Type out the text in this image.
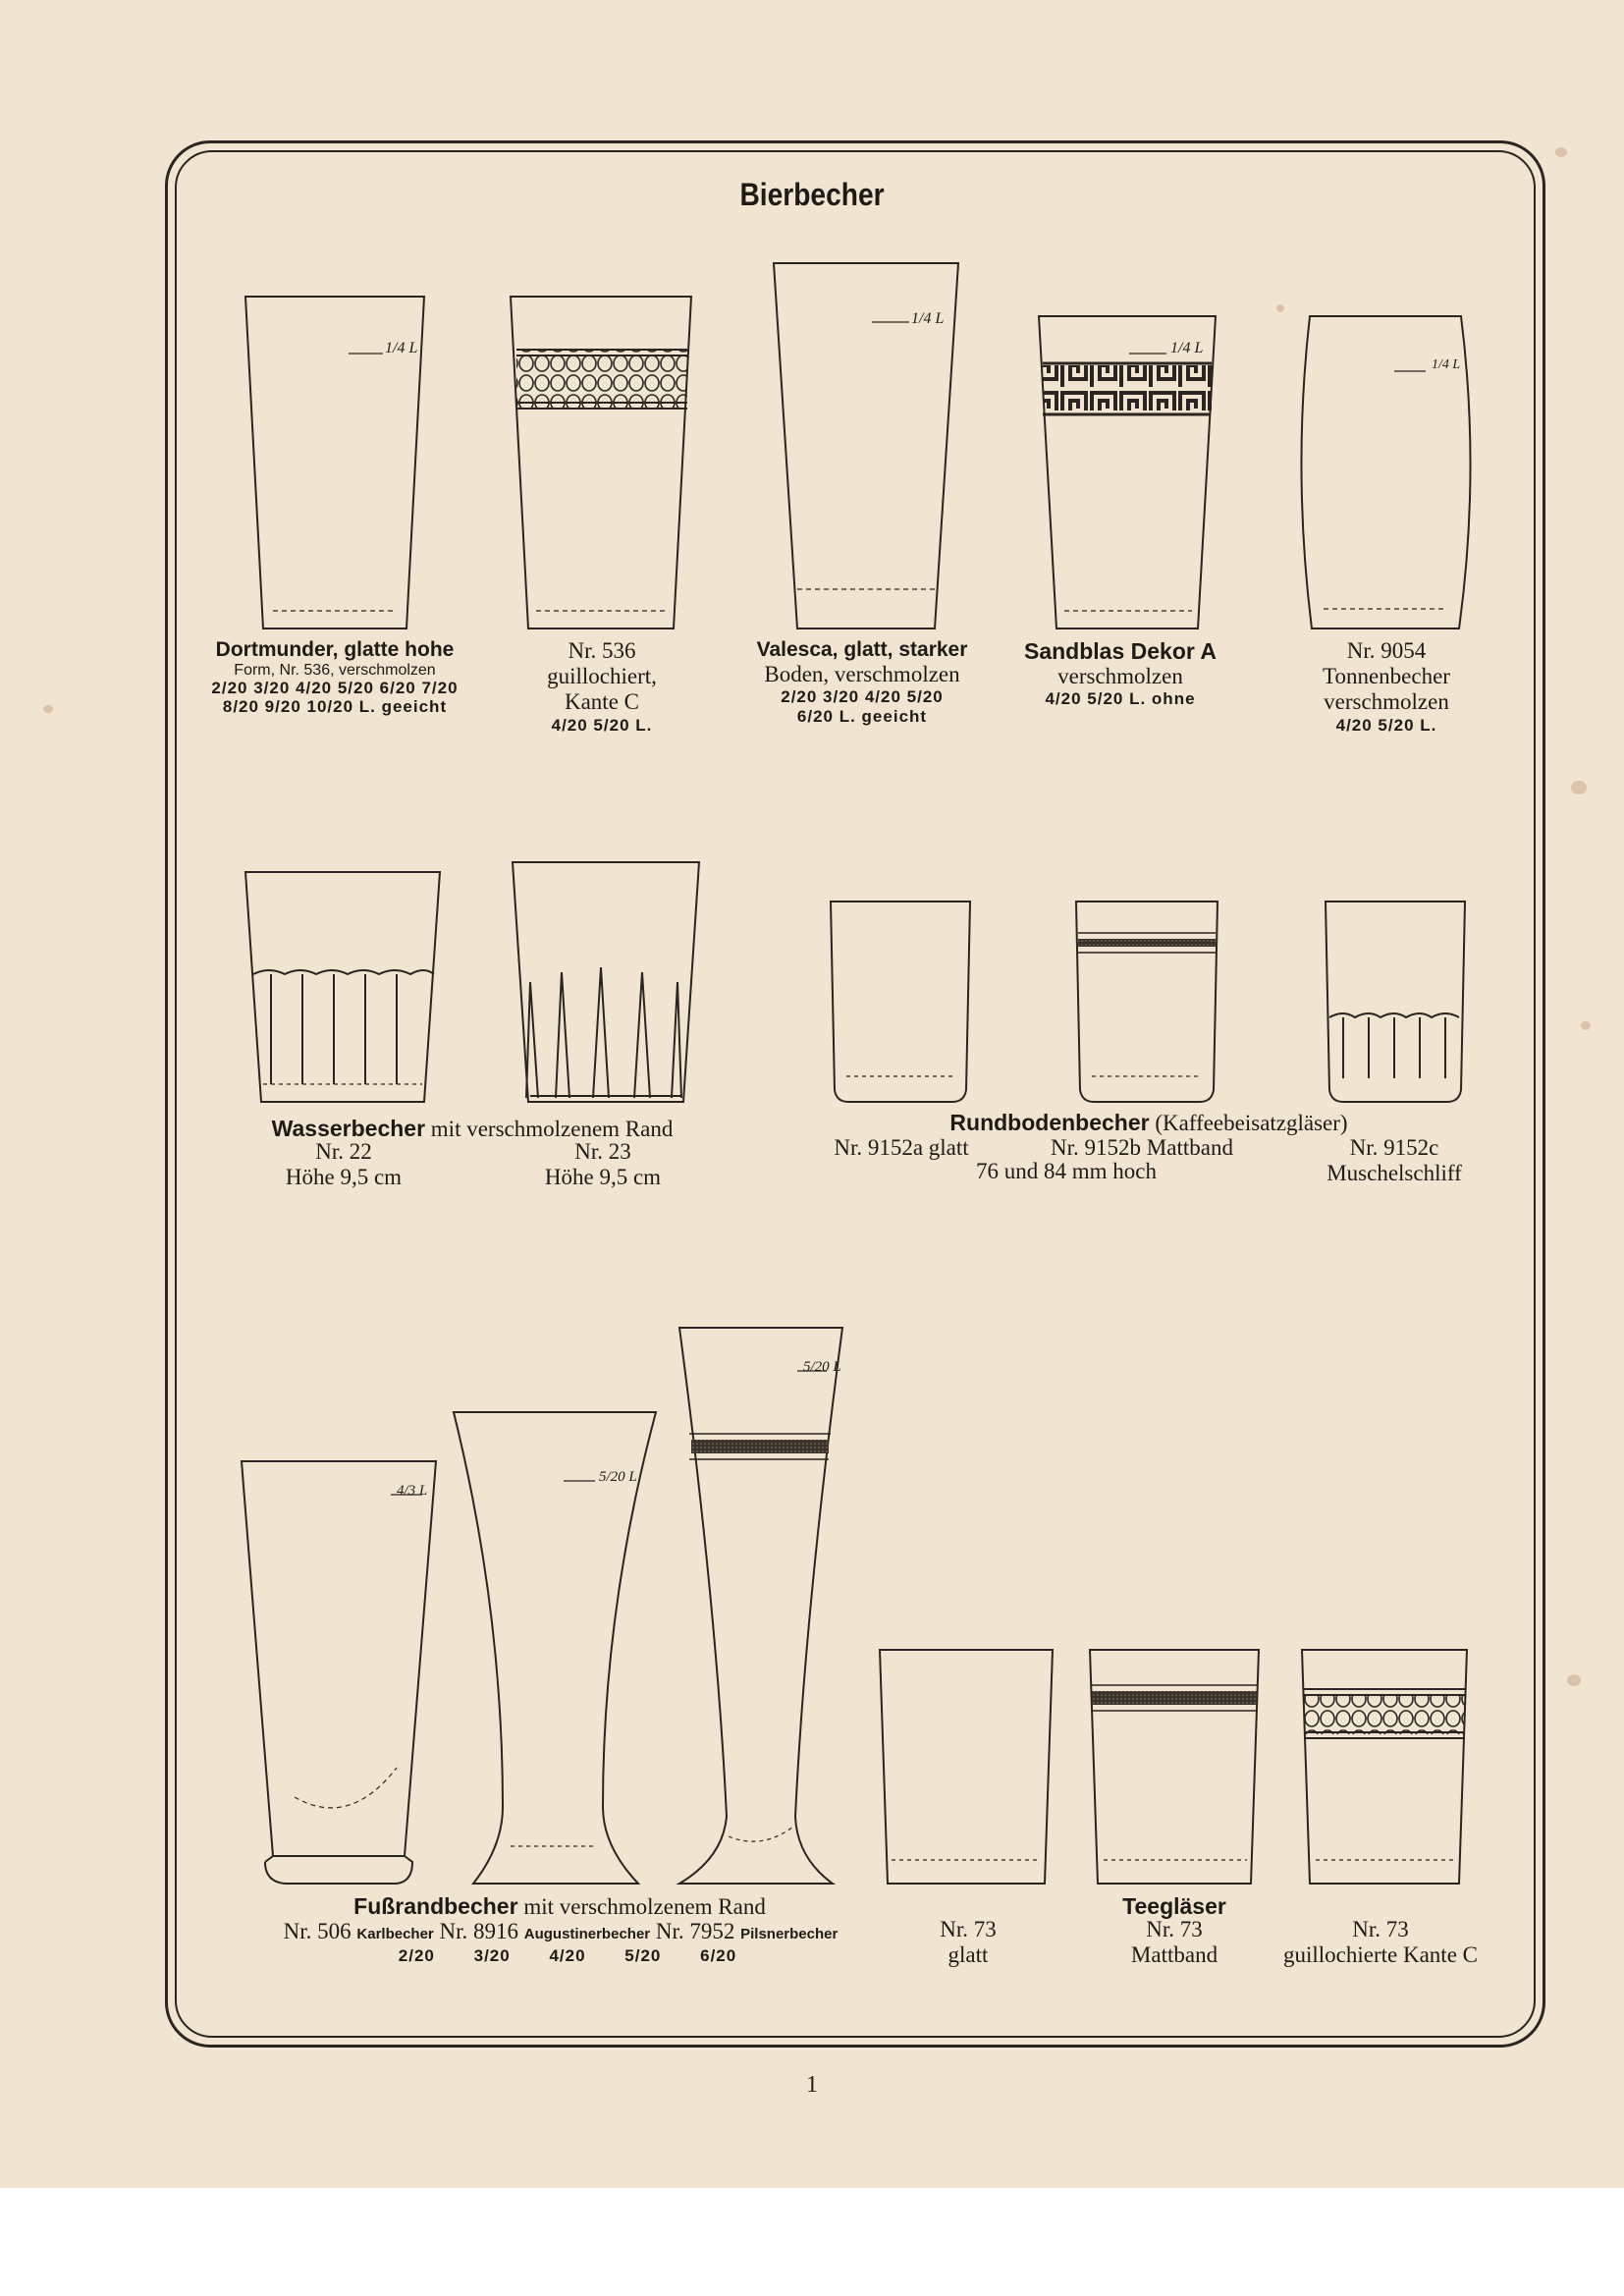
Bierbecher
1/4 L
1/4 L
1/4 L
1/4 L
4/3 L
5/20 L
5/20 L
Dortmunder, glatte hohe
Form, Nr. 536, verschmolzen
2/20 3/20 4/20 5/20 6/20 7/20
8/20 9/20 10/20 L. geeicht
Nr. 536
guillochiert,
Kante C
4/20 5/20 L.
Valesca, glatt, starker
Boden, verschmolzen
2/20 3/20 4/20 5/20
6/20 L. geeicht
Sandblas Dekor A
verschmolzen
4/20 5/20 L. ohne
Nr. 9054
Tonnenbecher
verschmolzen
4/20 5/20 L.
Wasserbecher mit verschmolzenem Rand
Nr. 22
Höhe 9,5 cm
Nr. 23
Höhe 9,5 cm
Rundbodenbecher (Kaffeebeisatzgläser)
Nr. 9152a glatt	Nr. 9152b Mattband
76 und 84 mm hoch
Nr. 9152c
Muschelschliff
Fußrandbecher mit verschmolzenem Rand
Nr. 506 Karlbecher Nr. 8916 Augustinerbecher Nr. 7952 Pilsnerbecher
2/20 3/20 4/20 5/20 6/20
Teegläser
Nr. 73
glatt
Nr. 73
Mattband
Nr. 73
guillochierte Kante C
1
